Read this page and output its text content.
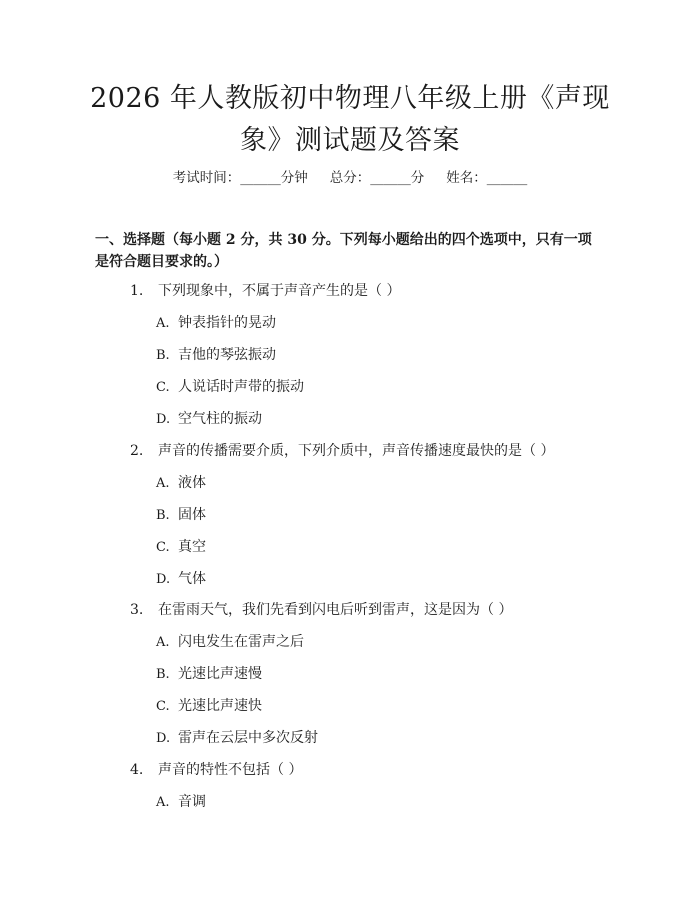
2026 年人教版初中物理八年级上册《声现象》测试题及答案
考试时间：______分钟 总分：______分 姓名：______
一、选择题（每小题 2 分，共 30 分。下列每小题给出的四个选项中，只有一项是符合题目要求的。）
1. 下列现象中，不属于声音产生的是（ ）
A. 钟表指针的晃动
B. 吉他的琴弦振动
C. 人说话时声带的振动
D. 空气柱的振动
2. 声音的传播需要介质，下列介质中，声音传播速度最快的是（ ）
A. 液体
B. 固体
C. 真空
D. 气体
3. 在雷雨天气，我们先看到闪电后听到雷声，这是因为（ ）
A. 闪电发生在雷声之后
B. 光速比声速慢
C. 光速比声速快
D. 雷声在云层中多次反射
4. 声音的特性不包括（ ）
A. 音调
